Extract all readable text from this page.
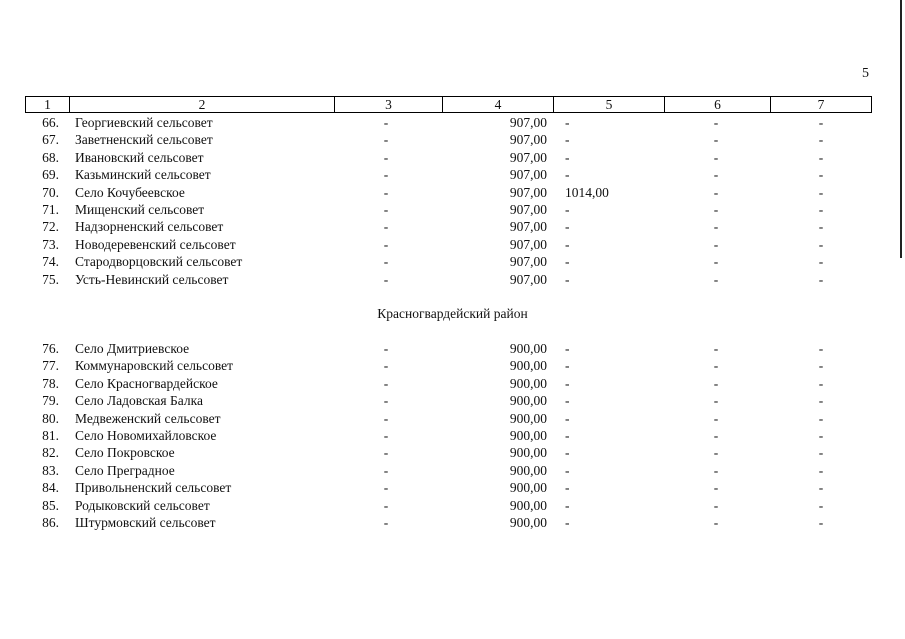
5
1	2	3	4	5	6	7
66. Георгиевский сельсовет	-	907,00 -	-	-
67. Заветненский сельсовет	-	907,00 -	-	-
68. Ивановский сельсовет	-	907,00 -	-	-
69. Казьминский сельсовет	-	907,00 -	-	-
70. Село Кочубеевское	-	907,00 1014,00	-	-
71. Мищенский сельсовет	-	907,00 -	-	-
72. Надзорненский сельсовет	-	907,00 -	-	-
73. Новодеревенский сельсовет	-	907,00 -	-	-
74. Стародворцовский сельсовет	-	907,00 -	-	-
75. Усть-Невинский сельсовет	-	907,00 -	-	-
Красногвардейский район
76. Село Дмитриевское	-	900,00 -	-	-
77. Коммунаровский сельсовет	-	900,00 -	-	-
78. Село Красногвардейское	-	900,00 -	-	-
79. Село Ладовская Балка	-	900,00 -	-	-
80. Медвеженский сельсовет	-	900,00 -	-	-
81. Село Новомихайловское	-	900,00 -	-	-
82. Село Покровское	-	900,00 -	-	-
83. Село Преградное	-	900,00 -	-	-
84. Привольненский сельсовет	-	900,00 -	-	-
85. Родыковский сельсовет	-	900,00 -	-	-
86. Штурмовский сельсовет	-	900,00 -	-	-
